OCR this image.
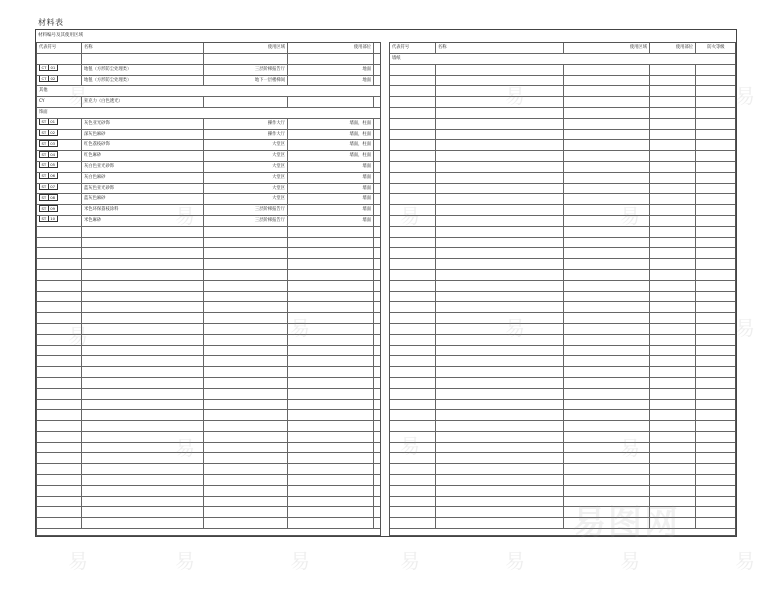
材料表
材料编号及其使用区域
代表符号	名称	使用区域	使用部位
CT 01	地毯（方形防尘处理类）	三层阶梯报告厅	地面
CT 02	地毯（方形防尘处理类）	地下一层楼梯间	地面
其他
CY	亚克力（白色透光）
饰面
ST 01	灰色亚光砂饰	操作大厅	墙面，柱面
ST 02	深灰色麻砂	操作大厅	墙面，柱面
ST 03	红色荔枝砂饰	大堂区	墙面，柱面
ST 04	红色麻砂	大堂区	墙面，柱面
ST 05	灰白色亚光砂饰	大堂区	墙面
ST 06	灰白色麻砂	大堂区	墙面
ST 07	蓝灰色亚光砂饰	大堂区	墙面
ST 08	蓝灰色麻砂	大堂区	墙面
ST 09	米色环保荔枝涂料	三层阶梯报告厅	墙面
ST 10	米色麻砂	三层阶梯报告厅	墙面
代表符号	名称	使用区域	使用部位	防火等级
墙纸
易
易
易
易
易
易
易
易
易
易	易
易	易
易	易
易	易
易	易
易
易图网
